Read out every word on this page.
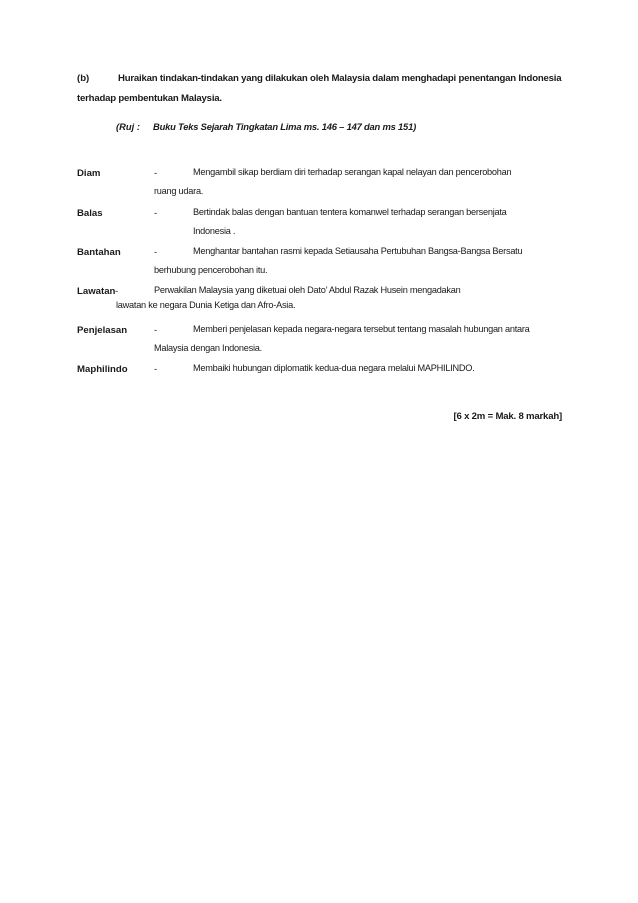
(b)	Huraikan tindakan-tindakan yang dilakukan oleh Malaysia dalam menghadapi penentangan Indonesia
terhadap pembentukan Malaysia.
(Ruj : Buku Teks Sejarah Tingkatan Lima ms. 146 – 147 dan ms 151)
Diam	-	Mengambil sikap berdiam diri terhadap serangan kapal nelayan dan pencerobohan ruang udara.
Balas	-	Bertindak balas dengan bantuan tentera komanwel terhadap serangan bersenjata Indonesia .
Bantahan	-	Menghantar bantahan rasmi kepada Setiausaha Pertubuhan Bangsa-Bangsa Bersatu berhubung pencerobohan itu.
Lawatan -	Perwakilan Malaysia yang diketuai oleh Dato’ Abdul Razak Husein mengadakan
lawatan ke negara Dunia Ketiga dan Afro-Asia.
Penjelasan	-	Memberi penjelasan kepada negara-negara tersebut tentang masalah hubungan antara Malaysia dengan Indonesia.
Maphilindo	-	Membaiki hubungan diplomatik kedua-dua negara melalui MAPHILINDO.
[6 x 2m = Mak. 8 markah]
